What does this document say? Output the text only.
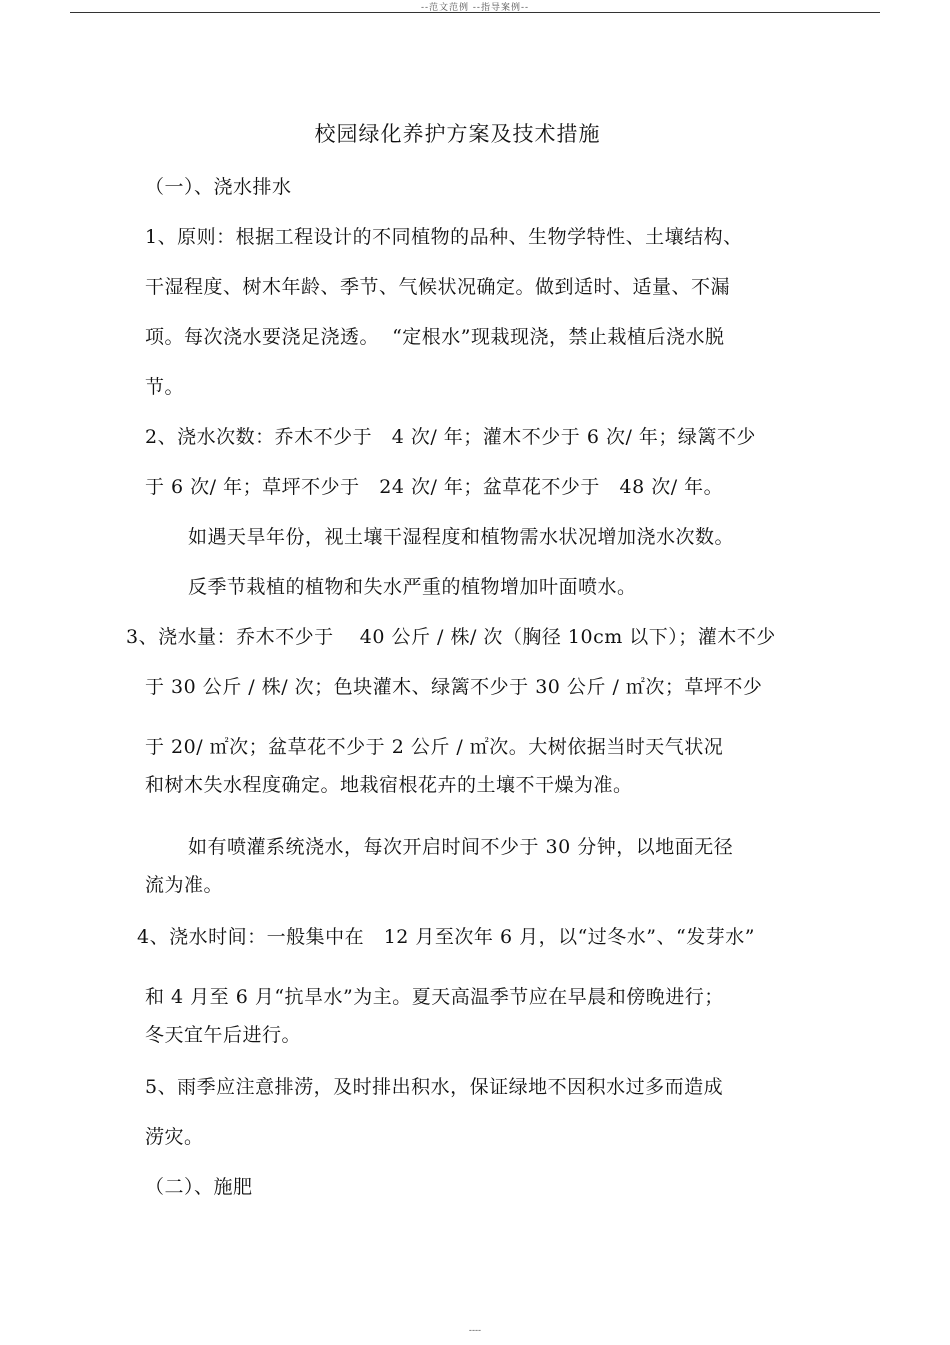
--范文范例 --指导案例--
校园绿化养护方案及技术措施
（一）、浇水排水
1、原则：根据工程设计的不同植物的品种、生物学特性、土壤结构、
干湿程度、树木年龄、季节、气候状况确定。做到适时、适量、不漏
项。每次浇水要浇足浇透。  “定根水”现栽现浇，禁止栽植后浇水脱
节。
2、浇水次数：乔木不少于   4 次/ 年；灌木不少于 6 次/ 年；绿篱不少
于 6 次/ 年；草坪不少于   24 次/ 年；盆草花不少于   48 次/ 年。
如遇天旱年份，视土壤干湿程度和植物需水状况增加浇水次数。
反季节栽植的植物和失水严重的植物增加叶面喷水。
3、浇水量：乔木不少于    40 公斤 / 株/ 次（胸径 10cm 以下）；灌木不少
于 30 公斤 / 株/ 次；色块灌木、绿篱不少于 30 公斤 / ㎡次；草坪不少
于 20/ ㎡次；盆草花不少于 2 公斤 / ㎡次。大树依据当时天气状况
和树木失水程度确定。地栽宿根花卉的土壤不干燥为准。
如有喷灌系统浇水，每次开启时间不少于 30 分钟，以地面无径
流为准。
4、浇水时间：一般集中在   12 月至次年 6 月，以“过冬水”、“发芽水”
和 4 月至 6 月“抗旱水”为主。夏天高温季节应在早晨和傍晚进行；
冬天宜午后进行。
5、雨季应注意排涝，及时排出积水，保证绿地不因积水过多而造成
涝灾。
（二）、施肥
----
